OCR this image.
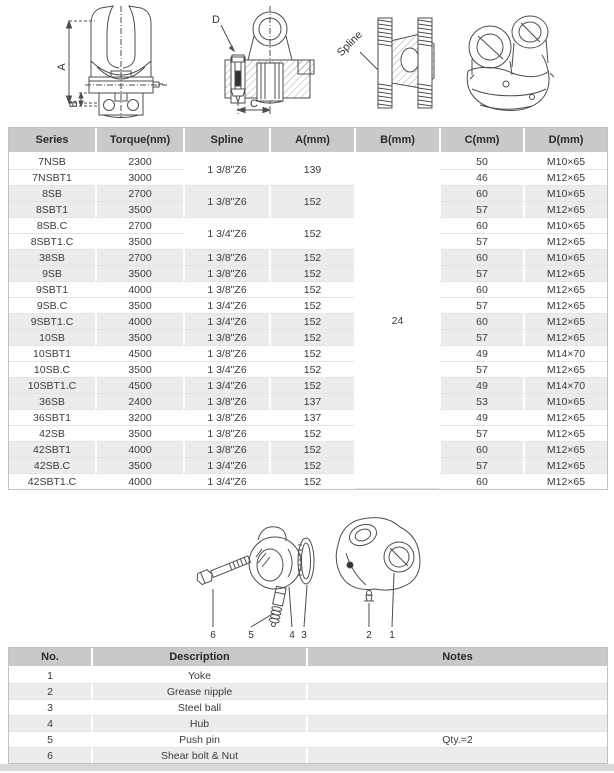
A
B
D
C
Spline
Series	Torque(nm)	Spline	A(mm)	B(mm)	C(mm)	D(mm)
7NSB	2300	1 3/8"Z6	139	24	50	M10×65
7NSBT1	3000				46	M12×65
8SB	2700	1 3/8"Z6	152		60	M10×65
8SBT1	3500				57	M12×65
8SB.C	2700	1 3/4"Z6	152		60	M10×65
8SBT1.C	3500				57	M12×65
38SB	2700	1 3/8"Z6	152		60	M10×65
9SB	3500	1 3/8"Z6	152		57	M12×65
9SBT1	4000	1 3/8"Z6	152		60	M12×65
9SB.C	3500	1 3/4"Z6	152		57	M12×65
9SBT1.C	4000	1 3/4"Z6	152		60	M12×65
10SB	3500	1 3/8"Z6	152		57	M12×65
10SBT1	4500	1 3/8"Z6	152		49	M14×70
10SB.C	3500	1 3/4"Z6	152		57	M12×65
10SBT1.C	4500	1 3/4"Z6	152		49	M14×70
36SB	2400	1 3/8"Z6	137		53	M10×65
36SBT1	3200	1 3/8"Z6	137		49	M12×65
42SB	3500	1 3/8"Z6	152		57	M12×65
42SBT1	4000	1 3/8"Z6	152		60	M12×65
42SB.C	3500	1 3/4"Z6	152		57	M12×65
42SBT1.C	4000	1 3/4"Z6	152		60	M12×65
6	5	4 3	2 1
No.	Description	Notes
1	Yoke	
2	Grease nipple	
3	Steel ball	
4	Hub	
5	Push pin	Qty.=2
6	Shear bolt & Nut	
